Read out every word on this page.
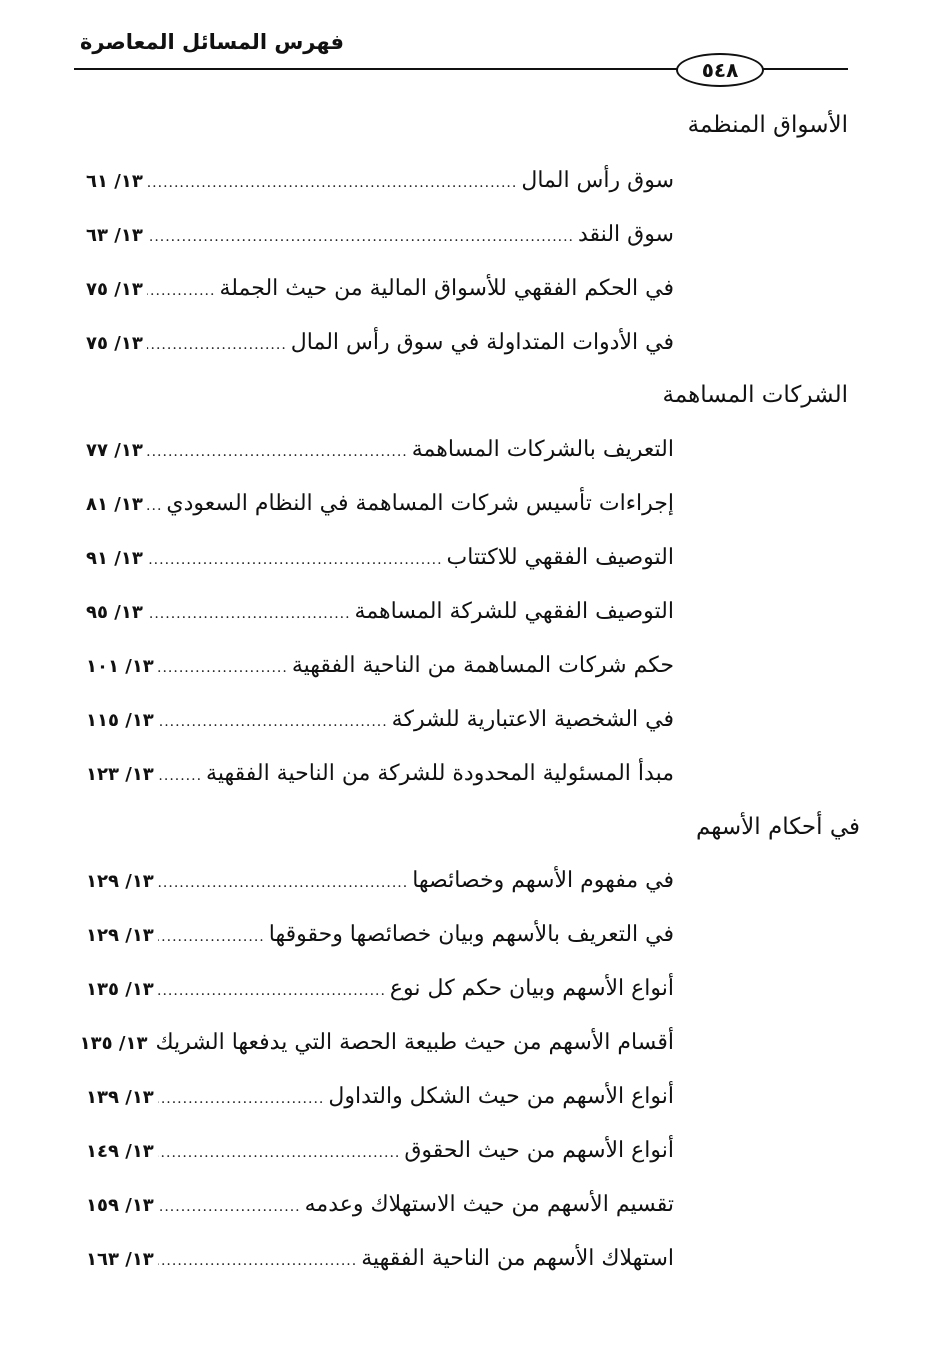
فهرس المسائل المعاصرة
٥٤٨
الأسواق المنظمة
سوق رأس المال
.....
١٣/ ٦١
سوق النقد
.....
١٣/ ٦٣
في الحكم الفقهي للأسواق المالية من حيث الجملة
.....
١٣/ ٧٥
في الأدوات المتداولة في سوق رأس المال
.....
١٣/ ٧٥
الشركات المساهمة
التعريف بالشركات المساهمة
.....
١٣/ ٧٧
إجراءات تأسيس شركات المساهمة في النظام السعودي
.....
١٣/ ٨١
التوصيف الفقهي للاكتتاب
.....
١٣/ ٩١
التوصيف الفقهي للشركة المساهمة
.....
١٣/ ٩٥
حكم شركات المساهمة من الناحية الفقهية
.....
١٣/ ١٠١
في الشخصية الاعتبارية للشركة
.....
١٣/ ١١٥
مبدأ المسئولية المحدودة للشركة من الناحية الفقهية
.....
١٣/ ١٢٣
في أحكام الأسهم
في مفهوم الأسهم وخصائصها
.....
١٣/ ١٢٩
في التعريف بالأسهم وبيان خصائصها وحقوقها
.....
١٣/ ١٢٩
أنواع الأسهم وبيان حكم كل نوع
.....
١٣/ ١٣٥
أقسام الأسهم من حيث طبيعة الحصة التي يدفعها الشريك
١٣/ ١٣٥
أنواع الأسهم من حيث الشكل والتداول
.....
١٣/ ١٣٩
أنواع الأسهم من حيث الحقوق
.....
١٣/ ١٤٩
تقسيم الأسهم من حيث الاستهلاك وعدمه
.....
١٣/ ١٥٩
استهلاك الأسهم من الناحية الفقهية
.....
١٣/ ١٦٣
